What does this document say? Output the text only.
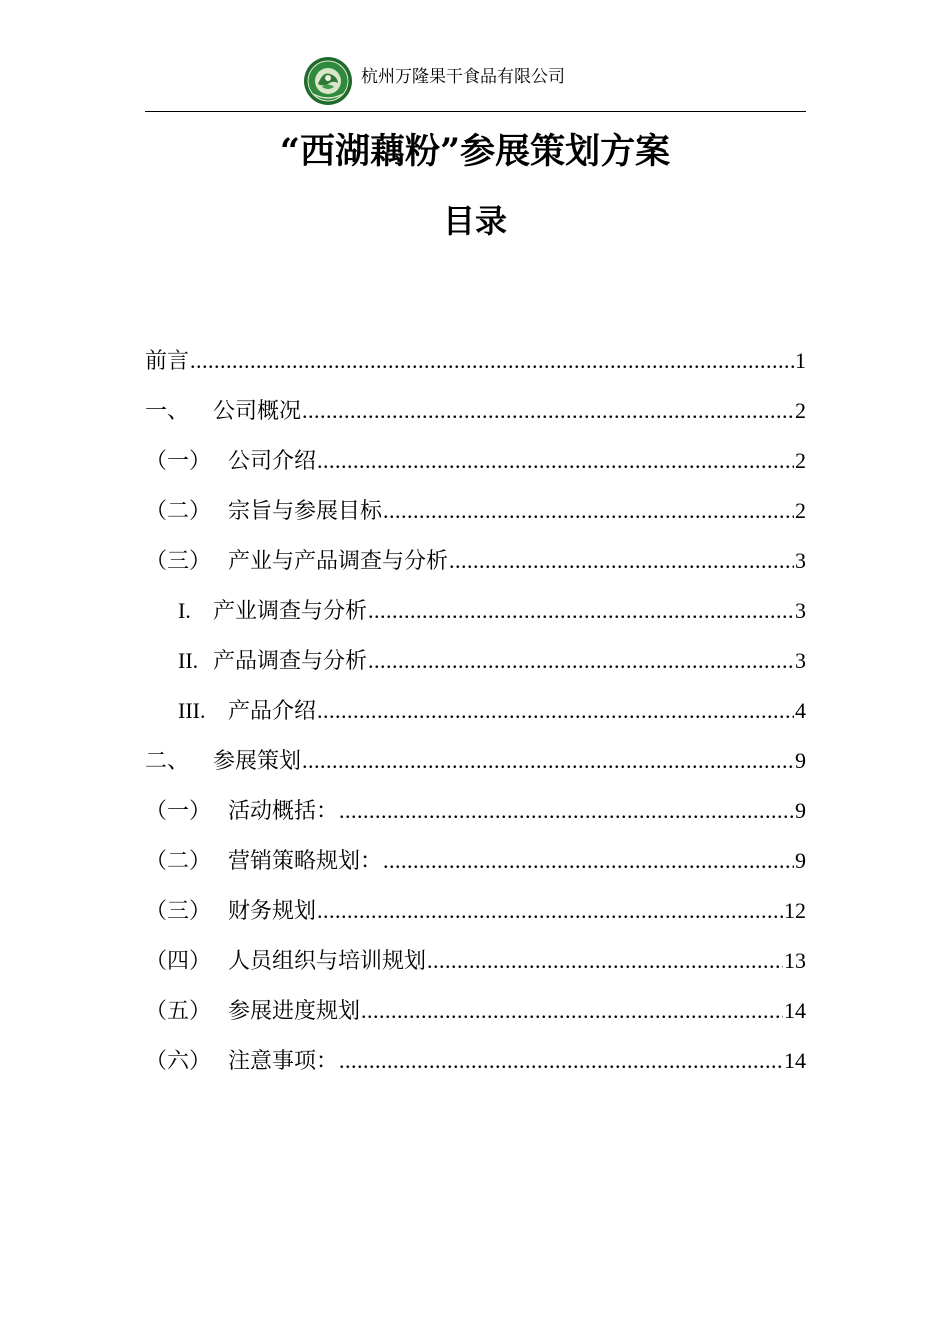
杭州万隆果干食品有限公司
“西湖藕粉”参展策划方案
目录
前言 .....	1
一、	公司概况 .....	2
（一） 公司介绍 .....	2
（二） 宗旨与参展目标 .....	2
（三） 产业与产品调查与分析 .....	3
I.	产业调查与分析 .....	3
II. 产品调查与分析 .....	3
III.	产品介绍 .....	4
二、	参展策划 .....	9
（一） 活动概括： .....	9
（二） 营销策略规划： .....	9
（三） 财务规划 .....	12
（四） 人员组织与培训规划 .....	13
（五） 参展进度规划 .....	14
（六） 注意事项： .....	14
